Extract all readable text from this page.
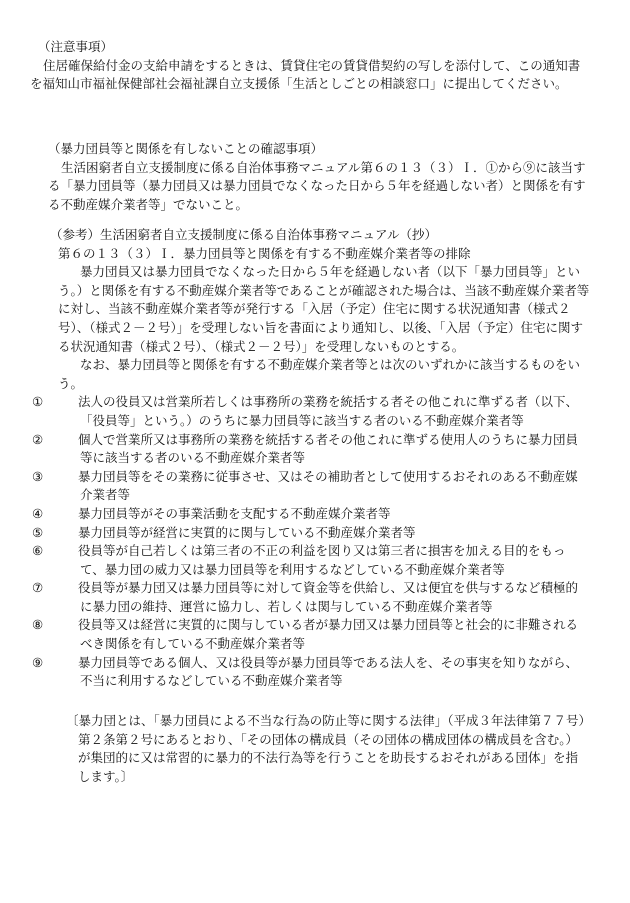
（注意事項）

住居確保給付金の支給申請をするときは、賃貸住宅の賃貸借契約の写しを添付して、この通知書を福知山市福祉保健部社会福祉課自立支援係「生活としごとの相談窓口」に提出してください。

（暴力団員等と関係を有しないことの確認事項）

生活困窮者自立支援制度に係る自治体事務マニュアル第６の１３（３）Ｉ．①から⑨に該当する「暴力団員等（暴力団員又は暴力団員でなくなった日から５年を経過しない者）と関係を有する不動産媒介業者等」でないこと。

（参考）生活困窮者自立支援制度に係る自治体事務マニュアル（抄）

第６の１３（３）Ｉ．暴力団員等と関係を有する不動産媒介業者等の排除

暴力団員又は暴力団員でなくなった日から５年を経過しない者（以下「暴力団員等」という。）と関係を有する不動産媒介業者等であることが確認された場合は、当該不動産媒介業者等に対し、当該不動産媒介業者等が発行する「入居（予定）住宅に関する状況通知書（様式２号）、（様式２－２号）」を受理しない旨を書面により通知し、以後、「入居（予定）住宅に関する状況通知書（様式２号）、（様式２－２号）」を受理しないものとする。

なお、暴力団員等と関係を有する不動産媒介業者等とは次のいずれかに該当するものをいう。

①	法人の役員又は営業所若しくは事務所の業務を統括する者その他これに準ずる者（以下、「役員等」という。）のうちに暴力団員等に該当する者のいる不動産媒介業者等

②	個人で営業所又は事務所の業務を統括する者その他これに準ずる使用人のうちに暴力団員等に該当する者のいる不動産媒介業者等

③	暴力団員等をその業務に従事させ、又はその補助者として使用するおそれのある不動産媒介業者等

④	暴力団員等がその事業活動を支配する不動産媒介業者等

⑤	暴力団員等が経営に実質的に関与している不動産媒介業者等

⑥	役員等が自己若しくは第三者の不正の利益を図り又は第三者に損害を加える目的をもって、暴力団の威力又は暴力団員等を利用するなどしている不動産媒介業者等

⑦	役員等が暴力団又は暴力団員等に対して資金等を供給し、又は便宜を供与するなど積極的に暴力団の維持、運営に協力し、若しくは関与している不動産媒介業者等

⑧	役員等又は経営に実質的に関与している者が暴力団又は暴力団員等と社会的に非難されるべき関係を有している不動産媒介業者等

⑨	暴力団員等である個人、又は役員等が暴力団員等である法人を、その事実を知りながら、不当に利用するなどしている不動産媒介業者等

〔暴力団とは、「暴力団員による不当な行為の防止等に関する法律」（平成３年法律第７７号）第２条第２号にあるとおり、「その団体の構成員（その団体の構成団体の構成員を含む。）が集団的に又は常習的に暴力的不法行為等を行うことを助長するおそれがある団体」を指します。〕
